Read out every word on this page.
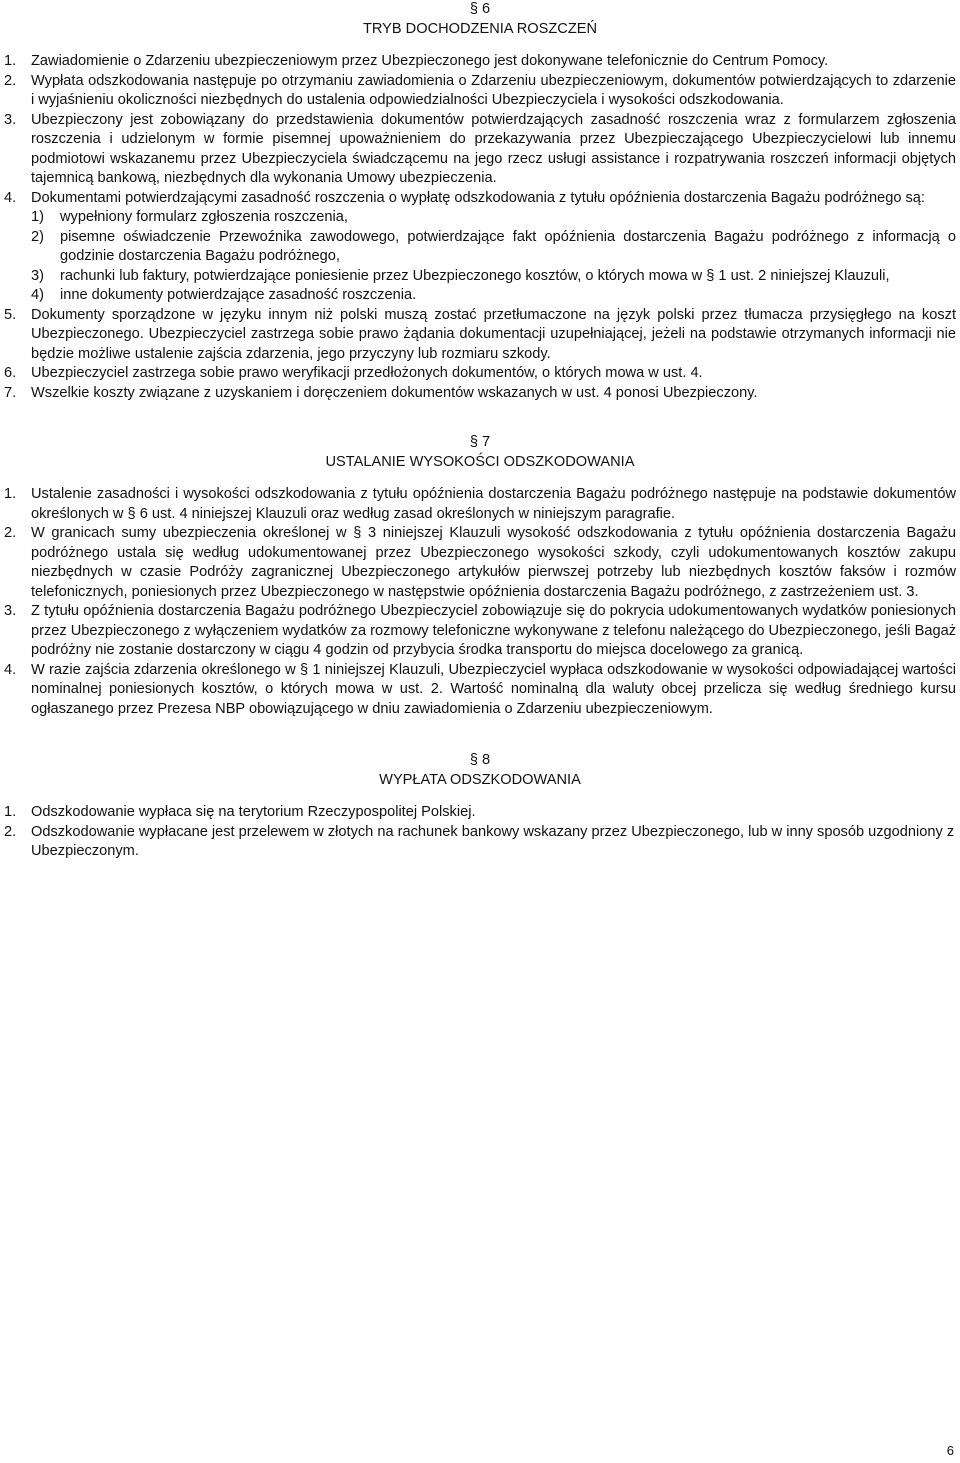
§ 6
TRYB DOCHODZENIA ROSZCZEŃ
1.	Zawiadomienie o Zdarzeniu ubezpieczeniowym przez Ubezpieczonego jest dokonywane telefonicznie do Centrum Pomocy.
2.	Wypłata odszkodowania następuje po otrzymaniu zawiadomienia o Zdarzeniu ubezpieczeniowym, dokumentów potwierdzających to zdarzenie i wyjaśnieniu okoliczności niezbędnych do ustalenia odpowiedzialności Ubezpieczyciela i wysokości odszkodowania.
3.	Ubezpieczony jest zobowiązany do przedstawienia dokumentów potwierdzających zasadność roszczenia wraz z formularzem zgłoszenia roszczenia i udzielonym w formie pisemnej upoważnieniem do przekazywania przez Ubezpieczającego Ubezpieczycielowi lub innemu podmiotowi wskazanemu przez Ubezpieczyciela świadczącemu na jego rzecz usługi assistance i rozpatrywania roszczeń informacji objętych tajemnicą bankową, niezbędnych dla wykonania Umowy ubezpieczenia.
4.	Dokumentami potwierdzającymi zasadność roszczenia o wypłatę odszkodowania z tytułu opóźnienia dostarczenia Bagażu podróżnego są:
1) wypełniony formularz zgłoszenia roszczenia,
2) pisemne oświadczenie Przewoźnika zawodowego, potwierdzające fakt opóźnienia dostarczenia Bagażu podróżnego z informacją o godzinie dostarczenia Bagażu podróżnego,
3) rachunki lub faktury, potwierdzające poniesienie przez Ubezpieczonego kosztów, o których mowa w § 1 ust. 2 niniejszej Klauzuli,
4) inne dokumenty potwierdzające zasadność roszczenia.
5.	Dokumenty sporządzone w języku innym niż polski muszą zostać przetłumaczone na język polski przez tłumacza przysięgłego na koszt Ubezpieczonego. Ubezpieczyciel zastrzega sobie prawo żądania dokumentacji uzupełniającej, jeżeli na podstawie otrzymanych informacji nie będzie możliwe ustalenie zajścia zdarzenia, jego przyczyny lub rozmiaru szkody.
6.	Ubezpieczyciel zastrzega sobie prawo weryfikacji przedłożonych dokumentów, o których mowa w ust. 4.
7.	Wszelkie koszty związane z uzyskaniem i doręczeniem dokumentów wskazanych w ust. 4 ponosi Ubezpieczony.
§ 7
USTALANIE WYSOKOŚCI ODSZKODOWANIA
1.	Ustalenie zasadności i wysokości odszkodowania z tytułu opóźnienia dostarczenia Bagażu podróżnego następuje na podstawie dokumentów określonych w § 6 ust. 4 niniejszej Klauzuli oraz według zasad określonych w niniejszym paragrafie.
2.	W granicach sumy ubezpieczenia określonej w § 3 niniejszej Klauzuli wysokość odszkodowania z tytułu opóźnienia dostarczenia Bagażu podróżnego ustala się według udokumentowanej przez Ubezpieczonego wysokości szkody, czyli udokumentowanych kosztów zakupu niezbędnych w czasie Podróży zagranicznej Ubezpieczonego artykułów pierwszej potrzeby lub niezbędnych kosztów faksów i rozmów telefonicznych, poniesionych przez Ubezpieczonego w następstwie opóźnienia dostarczenia Bagażu podróżnego, z zastrzeżeniem ust. 3.
3.	Z tytułu opóźnienia dostarczenia Bagażu podróżnego Ubezpieczyciel zobowiązuje się do pokrycia udokumentowanych wydatków poniesionych przez Ubezpieczonego z wyłączeniem wydatków za rozmowy telefoniczne wykonywane z telefonu należącego do Ubezpieczonego, jeśli Bagaż podróżny nie zostanie dostarczony w ciągu 4 godzin od przybycia środka transportu do miejsca docelowego za granicą.
4.	W razie zajścia zdarzenia określonego w § 1 niniejszej Klauzuli, Ubezpieczyciel wypłaca odszkodowanie w wysokości odpowiadającej wartości nominalnej poniesionych kosztów, o których mowa w ust. 2. Wartość nominalną dla waluty obcej przelicza się według średniego kursu ogłaszanego przez Prezesa NBP obowiązującego w dniu zawiadomienia o Zdarzeniu ubezpieczeniowym.
§ 8
WYPŁATA ODSZKODOWANIA
1.	Odszkodowanie wypłaca się na terytorium Rzeczypospolitej Polskiej.
2.	Odszkodowanie wypłacane jest przelewem w złotych na rachunek bankowy wskazany przez Ubezpieczonego, lub w inny sposób uzgodniony z Ubezpieczonym.
6
